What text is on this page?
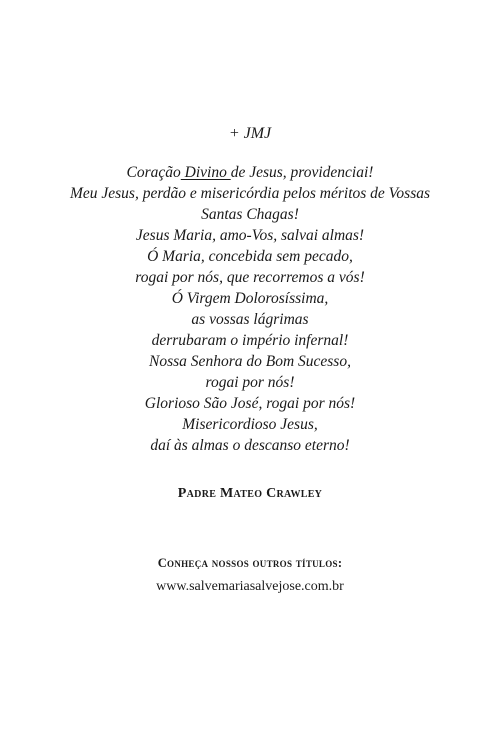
+ JMJ
Coração Divino de Jesus, providenciai!
Meu Jesus, perdão e misericórdia pelos méritos de Vossas
Santas Chagas!
Jesus Maria, amo-Vos, salvai almas!
Ó Maria, concebida sem pecado,
rogai por nós, que recorremos a vós!
Ó Virgem Dolorosíssima,
as vossas lágrimas
derrubaram o império infernal!
Nossa Senhora do Bom Sucesso,
rogai por nós!
Glorioso São José, rogai por nós!
Misericordioso Jesus,
daí às almas o descanso eterno!
Padre Mateo Crawley
Conheça nossos outros títulos:
www.salvemariasalvejose.com.br
